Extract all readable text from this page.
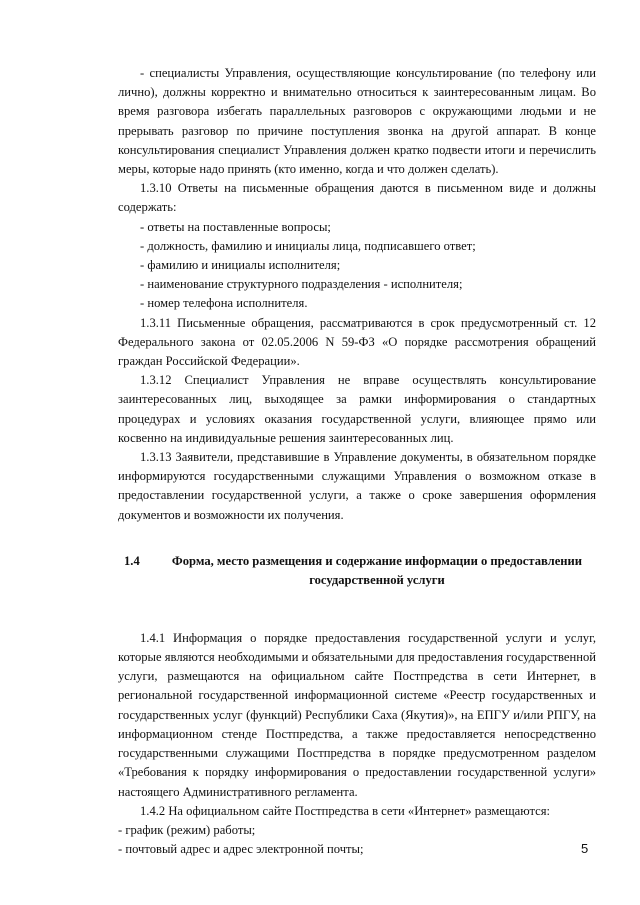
- специалисты Управления, осуществляющие консультирование (по телефону или лично), должны корректно и внимательно относиться к заинтересованным лицам. Во время разговора избегать параллельных разговоров с окружающими людьми и не прерывать разговор по причине поступления звонка на другой аппарат. В конце консультирования специалист Управления должен кратко подвести итоги и перечислить меры, которые надо принять (кто именно, когда и что должен сделать).

1.3.10 Ответы на письменные обращения даются в письменном виде и должны содержать:

- ответы на поставленные вопросы;

- должность, фамилию и инициалы лица, подписавшего ответ;

- фамилию и инициалы исполнителя;

- наименование структурного подразделения - исполнителя;

- номер телефона исполнителя.

1.3.11 Письменные обращения, рассматриваются в срок предусмотренный ст. 12 Федерального закона от 02.05.2006 N 59-ФЗ «О порядке рассмотрения обращений граждан Российской Федерации».

1.3.12 Специалист Управления не вправе осуществлять консультирование заинтересованных лиц, выходящее за рамки информирования о стандартных процедурах и условиях оказания государственной услуги, влияющее прямо или косвенно на индивидуальные решения заинтересованных лиц.

1.3.13 Заявители, представившие в Управление документы, в обязательном порядке информируются государственными служащими Управления о возможном отказе в предоставлении государственной услуги, а также о сроке завершения оформления документов и возможности их получения.

1.4	Форма, место размещения и содержание информации о предоставлении государственной услуги

1.4.1 Информация о порядке предоставления государственной услуги и услуг, которые являются необходимыми и обязательными для предоставления государственной услуги, размещаются на официальном сайте Постпредства в сети Интернет, в региональной государственной информационной системе «Реестр государственных и государственных услуг (функций) Республики Саха (Якутия)», на ЕПГУ и/или РПГУ, на информационном стенде Постпредства, а также предоставляется непосредственно государственными служащими Постпредства в порядке предусмотренном разделом «Требования к порядку информирования о предоставлении государственной услуги» настоящего Административного регламента.

1.4.2 На официальном сайте Постпредства в сети «Интернет» размещаются:

- график (режим) работы;

- почтовый адрес и адрес электронной почты;	5
